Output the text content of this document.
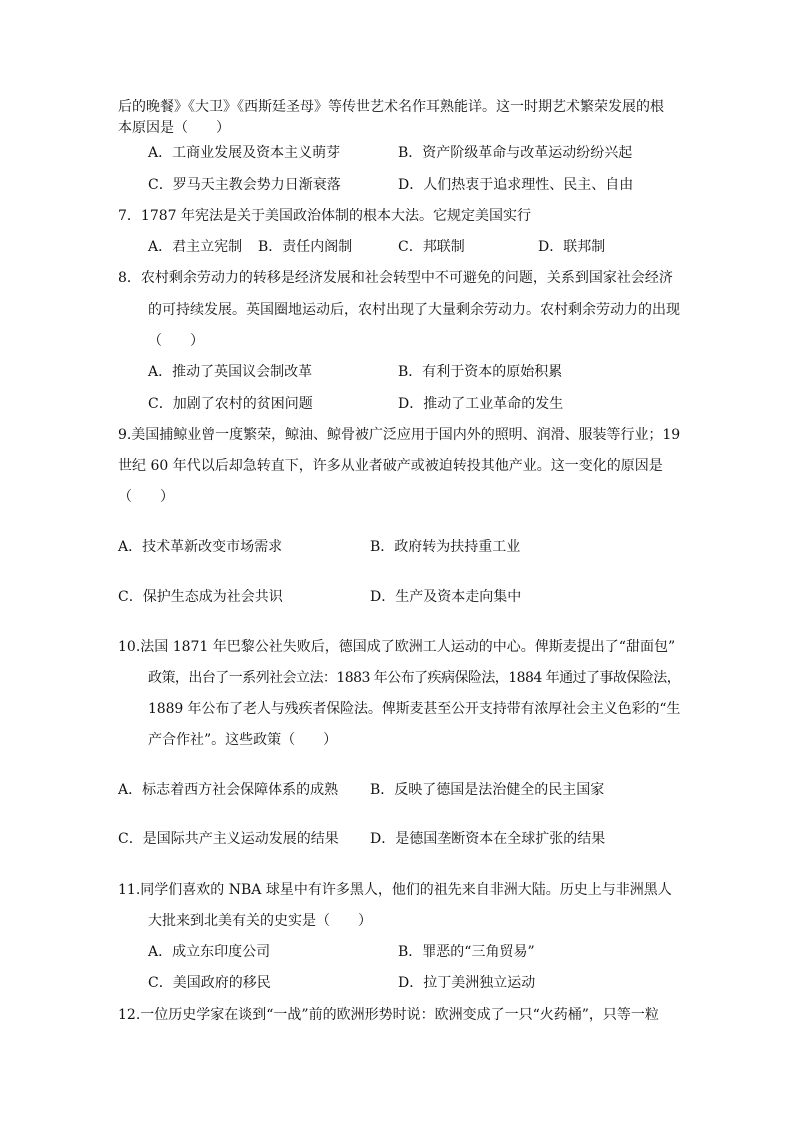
后的晚餐》《大卫》《西斯廷圣母》等传世艺术名作耳熟能详。这一时期艺术繁荣发展的根
本原因是（　　）
A．工商业发展及资本主义萌芽	B．资产阶级革命与改革运动纷纷兴起
C．罗马天主教会势力日渐衰落	D．人们热衷于追求理性、民主、自由
7．1787 年宪法是关于美国政治体制的根本大法。它规定美国实行
A．君主立宪制 B．责任内阁制	C．邦联制	D．联邦制
8．农村剩余劳动力的转移是经济发展和社会转型中不可避免的问题，关系到国家社会经济
的可持续发展。英国圈地运动后，农村出现了大量剩余劳动力。农村剩余劳动力的出现
（　　）
A．推动了英国议会制改革	B．有利于资本的原始积累
C．加剧了农村的贫困问题	D．推动了工业革命的发生
9.美国捕鲸业曾一度繁荣，鲸油、鲸骨被广泛应用于国内外的照明、润滑、服装等行业；19
世纪 60 年代以后却急转直下，许多从业者破产或被迫转投其他产业。这一变化的原因是
（　　）
A．技术革新改变市场需求	B．政府转为扶持重工业
C．保护生态成为社会共识	D．生产及资本走向集中
10.法国 1871 年巴黎公社失败后，德国成了欧洲工人运动的中心。俾斯麦提出了“甜面包”
政策，出台了一系列社会立法：1883 年公布了疾病保险法，1884 年通过了事故保险法，
1889 年公布了老人与残疾者保险法。俾斯麦甚至公开支持带有浓厚社会主义色彩的“生
产合作社”。这些政策（　　）
A．标志着西方社会保障体系的成熟 B．反映了德国是法治健全的民主国家
C．是国际共产主义运动发展的结果 D．是德国垄断资本在全球扩张的结果
11.同学们喜欢的 NBA 球星中有许多黑人，他们的祖先来自非洲大陆。历史上与非洲黑人
大批来到北美有关的史实是（　　）
A．成立东印度公司	B．罪恶的“三角贸易”
C．美国政府的移民	D．拉丁美洲独立运动
12.一位历史学家在谈到“一战”前的欧洲形势时说：欧洲变成了一只“火药桶”，只等一粒
